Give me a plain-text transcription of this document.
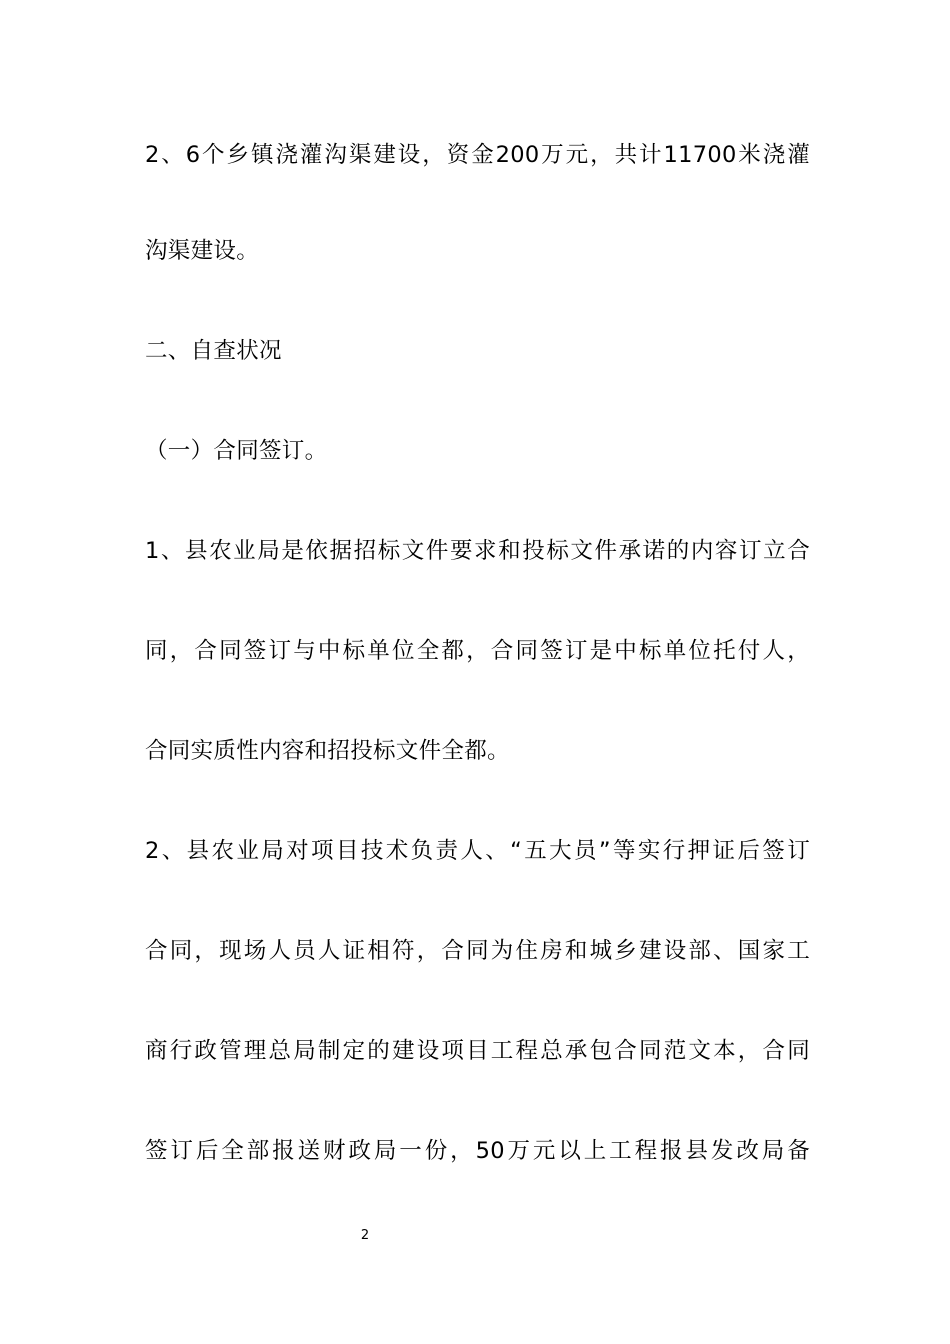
2、6个乡镇浇灌沟渠建设，资金200万元，共计11700米浇灌
沟渠建设。
二、自查状况
（一）合同签订。
1、县农业局是依据招标文件要求和投标文件承诺的内容订立合
同，合同签订与中标单位全都，合同签订是中标单位托付人，
合同实质性内容和招投标文件全都。
2、县农业局对项目技术负责人、“五大员”等实行押证后签订
合同，现场人员人证相符，合同为住房和城乡建设部、国家工
商行政管理总局制定的建设项目工程总承包合同范文本，合同
签订后全部报送财政局一份，50万元以上工程报县发改局备
2
